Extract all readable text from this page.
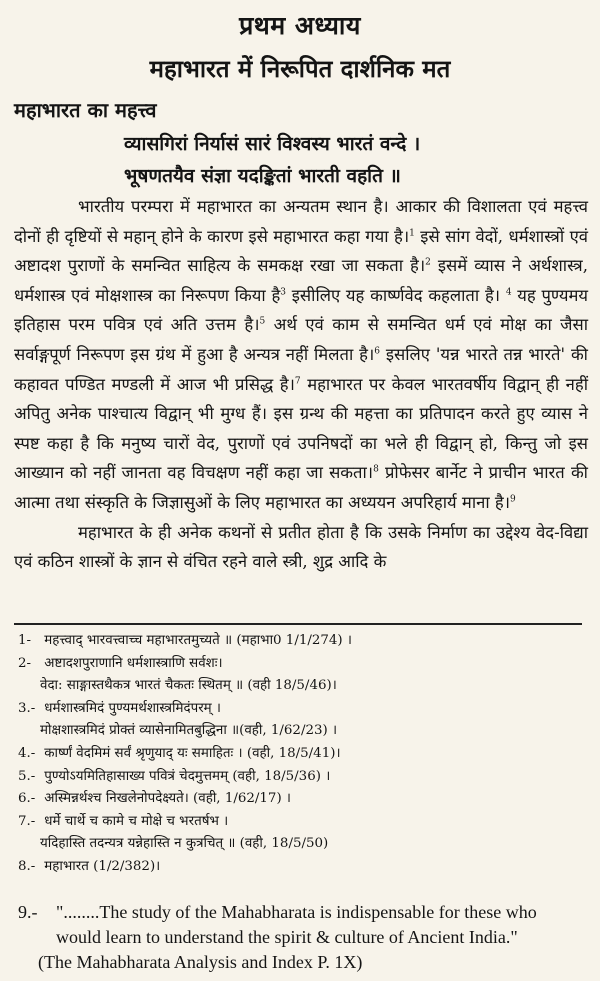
प्रथम अध्याय
महाभारत में निरूपित दार्शनिक मत
महाभारत का महत्त्व
व्यासगिरां निर्यासं सारं विश्वस्य भारतं वन्दे ।
भूषणतयैव संज्ञा यदङ्कितां भारती वहति ॥

भारतीय परम्परा में महाभारत का अन्यतम स्थान है। आकार की विशालता एवं महत्त्व दोनों ही दृष्टियों से महान् होने के कारण इसे महाभारत कहा गया है।$^1$ इसे सांग वेदों, धर्मशास्त्रों एवं अष्टादश पुराणों के समन्वित साहित्य के समकक्ष रखा जा सकता है।$^2$ इसमें व्यास ने अर्थशास्त्र, धर्मशास्त्र एवं मोक्षशास्त्र का निरूपण किया है$^3$ इसीलिए यह कार्ष्णवेद कहलाता है। $^4$ यह पुण्यमय इतिहास परम पवित्र एवं अति उत्तम है।$^5$ अर्थ एवं काम से समन्वित धर्म एवं मोक्ष का जैसा सर्वाङ्गपूर्ण निरूपण इस ग्रंथ में हुआ है अन्यत्र नहीं मिलता है।$^6$ इसलिए 'यन्न भारते तन्न भारते' की कहावत पण्डित मण्डली में आज भी प्रसिद्ध है।$^7$ महाभारत पर केवल भारतवर्षीय विद्वान् ही नहीं अपितु अनेक पाश्चात्य विद्वान् भी मुग्ध हैं। इस ग्रन्थ की महत्ता का प्रतिपादन करते हुए व्यास ने स्पष्ट कहा है कि मनुष्य चारों वेद, पुराणों एवं उपनिषदों का भले ही विद्वान् हो, किन्तु जो इस आख्यान को नहीं जानता वह विचक्षण नहीं कहा जा सकता।$^8$ प्रोफेसर बार्नेट ने प्राचीन भारत की आत्मा तथा संस्कृति के जिज्ञासुओं के लिए महाभारत का अध्ययन अपरिहार्य माना है।$^9$

महाभारत के ही अनेक कथनों से प्रतीत होता है कि उसके निर्माण का उद्देश्य वेद-विद्या एवं कठिन शास्त्रों के ज्ञान से वंचित रहने वाले स्त्री, शुद्र आदि के

1- महत्त्वाद् भारवत्त्वाच्च महाभारतमुच्यते ॥ (महाभा0 1/1/274) ।
2- अष्टादशपुराणानि धर्मशास्त्राणि सर्वशः।
वेदा: साङ्गास्तथैकत्र भारतं चैकतः स्थितम् ॥ (वही 18/5/46)।
3.- धर्मशास्त्रमिदं पुण्यमर्थशास्त्रमिदंपरम् ।
मोक्षशास्त्रमिदं प्रोक्तं व्यासेनामितबुद्धिना ॥(वही, 1/62/23) ।
4.- कार्ष्णं वेदमिमं सर्वं श्रृणुयाद् यः समाहितः । (वही, 18/5/41)।
5.- पुण्योऽयमितिहासाख्य पवित्रं चेदमुत्तमम् (वही, 18/5/36) ।
6.- अस्मिन्नर्थश्च निखलेनोपदेक्ष्यते। (वही, 1/62/17) ।
7.- धर्मे चार्थे च कामे च मोक्षे च भरतर्षभ ।
यदिहास्ति तदन्यत्र यन्नेहास्ति न कुत्रचित् ॥ (वही, 18/5/50)
8.- महाभारत (1/2/382)।
9.- "........The study of the Mahabharata is indispensable for these who
would learn to understand the spirit & culture of Ancient India."
(The Mahabharata Analysis and Index P. 1X)
